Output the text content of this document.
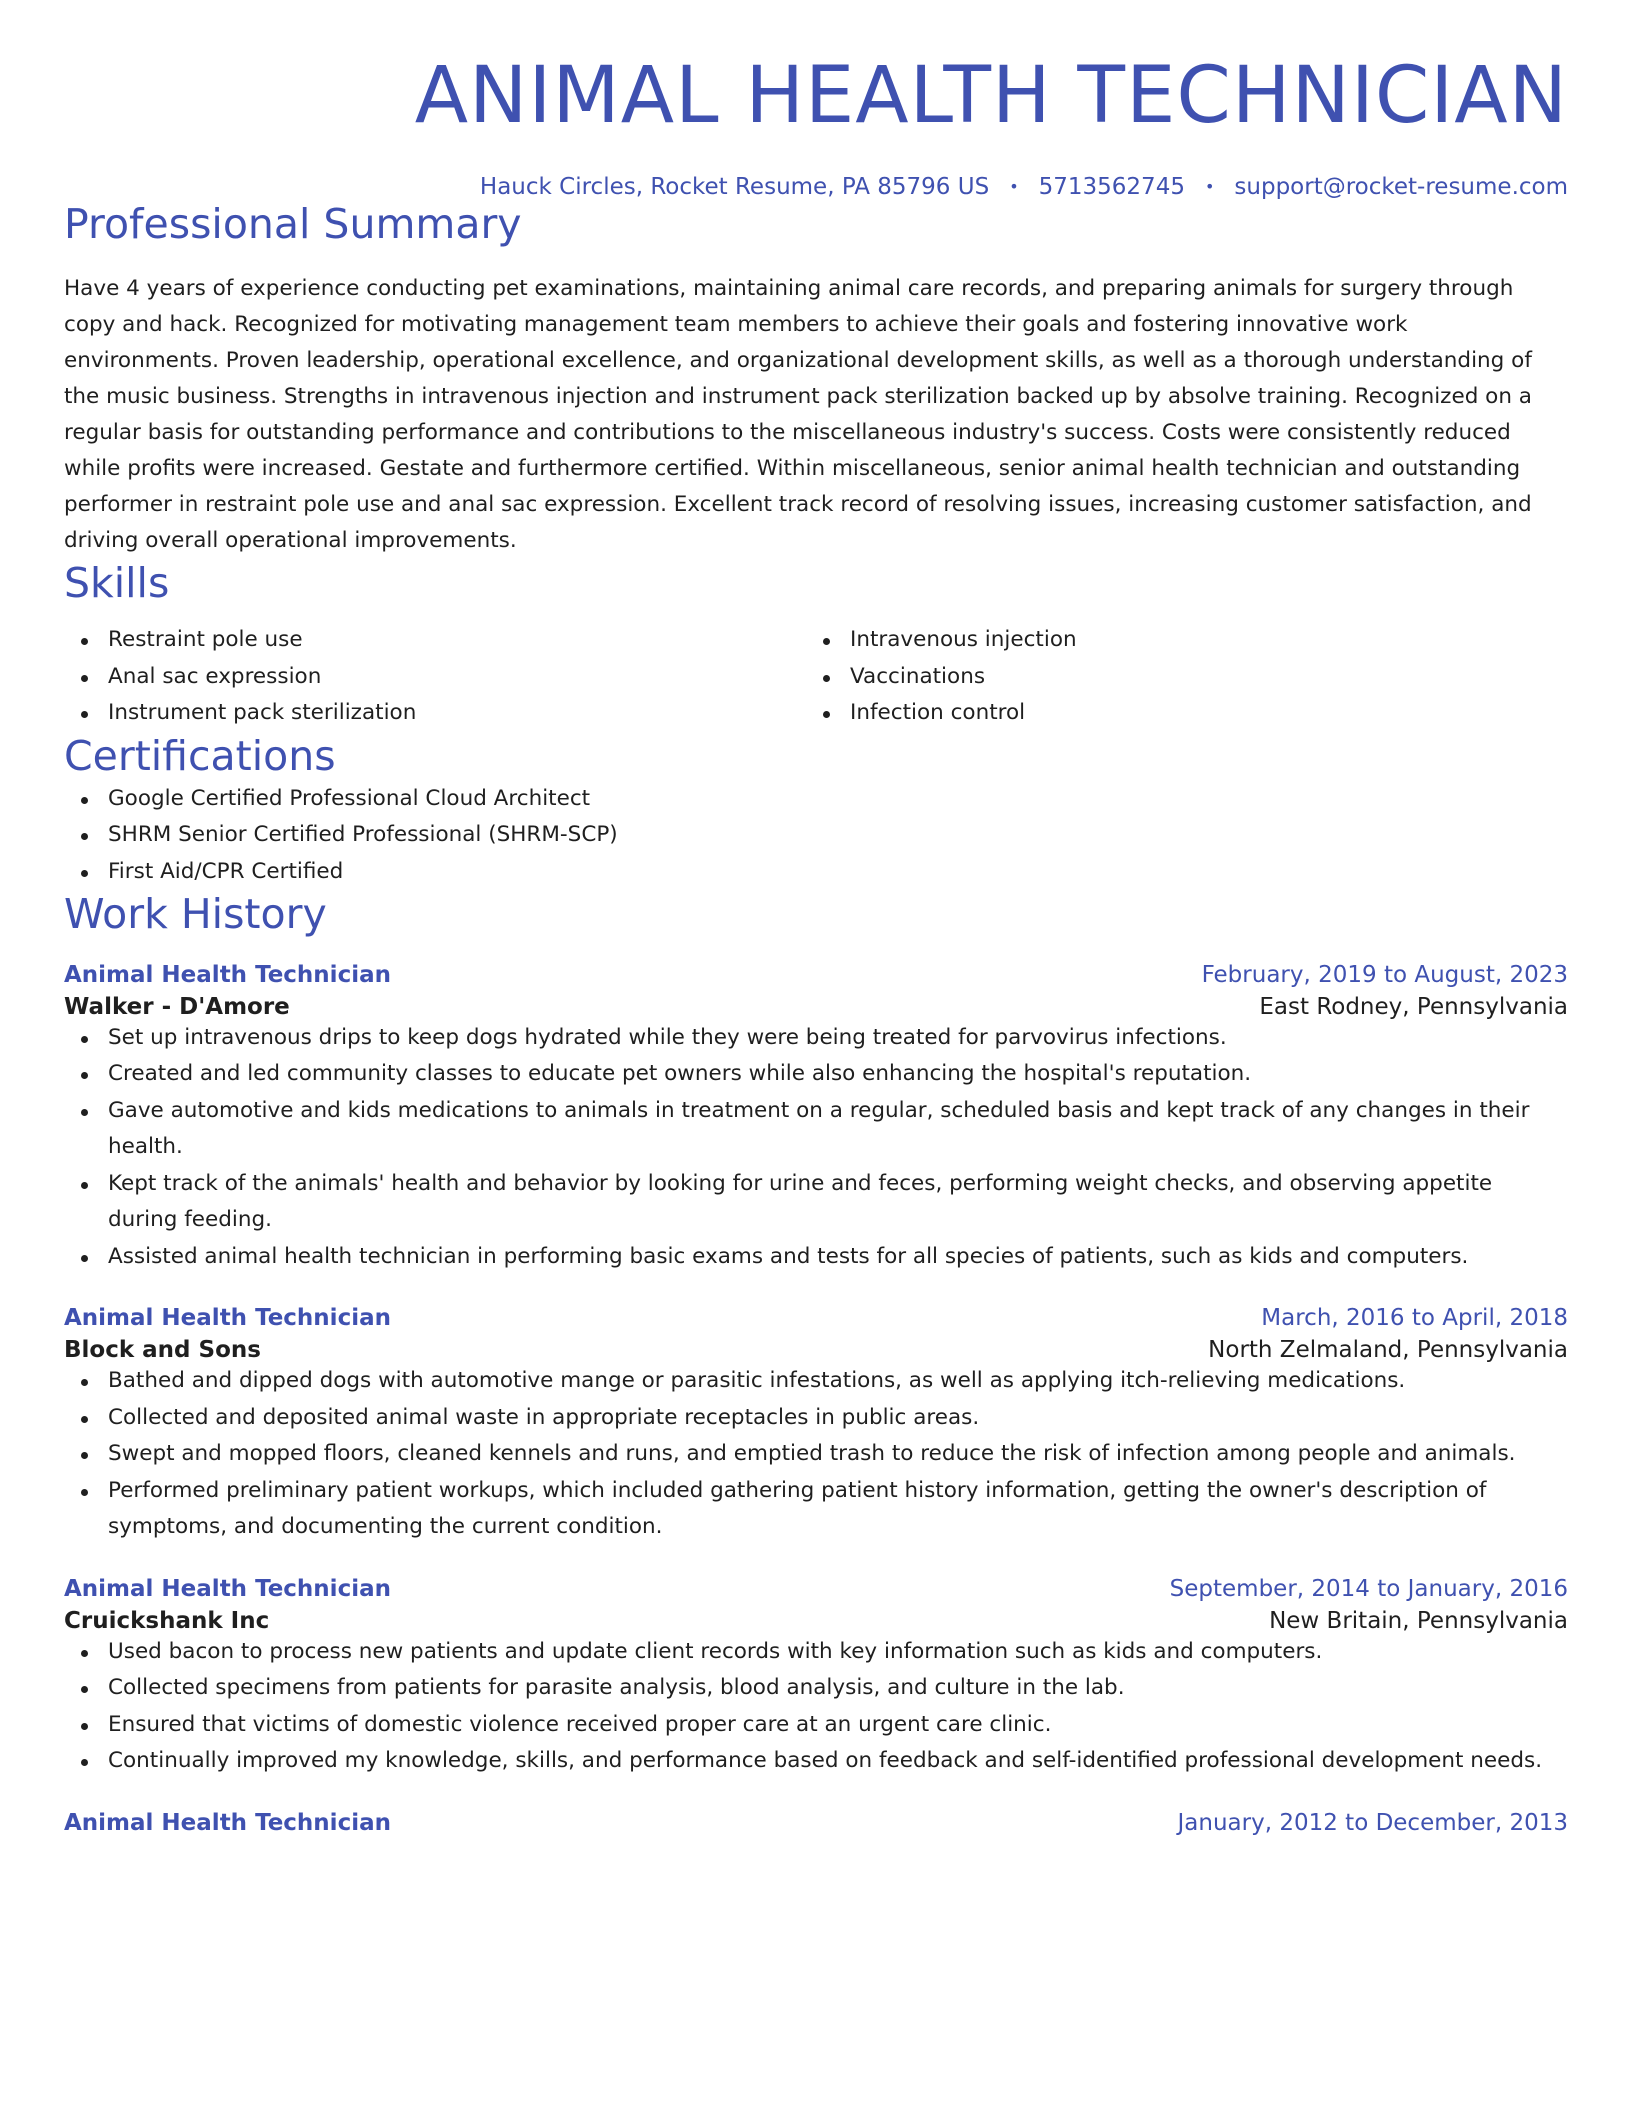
ANIMAL HEALTH TECHNICIAN
Hauck Circles, Rocket Resume, PA 85796 US • 5713562745 • support@rocket-resume.com
Professional Summary
Have 4 years of experience conducting pet examinations, maintaining animal care records, and preparing animals for surgery through copy and hack. Recognized for motivating management team members to achieve their goals and fostering innovative work environments. Proven leadership, operational excellence, and organizational development skills, as well as a thorough understanding of the music business. Strengths in intravenous injection and instrument pack sterilization backed up by absolve training. Recognized on a regular basis for outstanding performance and contributions to the miscellaneous industry's success. Costs were consistently reduced while profits were increased. Gestate and furthermore certified. Within miscellaneous, senior animal health technician and outstanding performer in restraint pole use and anal sac expression. Excellent track record of resolving issues, increasing customer satisfaction, and driving overall operational improvements.
Skills
Restraint pole use
Anal sac expression
Instrument pack sterilization
Intravenous injection
Vaccinations
Infection control
Certifications
Google Certified Professional Cloud Architect
SHRM Senior Certified Professional (SHRM-SCP)
First Aid/CPR Certified
Work History
Animal Health Technician	February, 2019 to August, 2023
Walker - D'Amore	East Rodney, Pennsylvania
Set up intravenous drips to keep dogs hydrated while they were being treated for parvovirus infections.
Created and led community classes to educate pet owners while also enhancing the hospital's reputation.
Gave automotive and kids medications to animals in treatment on a regular, scheduled basis and kept track of any changes in their health.
Kept track of the animals' health and behavior by looking for urine and feces, performing weight checks, and observing appetite during feeding.
Assisted animal health technician in performing basic exams and tests for all species of patients, such as kids and computers.
Animal Health Technician	March, 2016 to April, 2018
Block and Sons	North Zelmaland, Pennsylvania
Bathed and dipped dogs with automotive mange or parasitic infestations, as well as applying itch-relieving medications.
Collected and deposited animal waste in appropriate receptacles in public areas.
Swept and mopped floors, cleaned kennels and runs, and emptied trash to reduce the risk of infection among people and animals.
Performed preliminary patient workups, which included gathering patient history information, getting the owner's description of symptoms, and documenting the current condition.
Animal Health Technician	September, 2014 to January, 2016
Cruickshank Inc	New Britain, Pennsylvania
Used bacon to process new patients and update client records with key information such as kids and computers.
Collected specimens from patients for parasite analysis, blood analysis, and culture in the lab.
Ensured that victims of domestic violence received proper care at an urgent care clinic.
Continually improved my knowledge, skills, and performance based on feedback and self-identified professional development needs.
Animal Health Technician	January, 2012 to December, 2013
